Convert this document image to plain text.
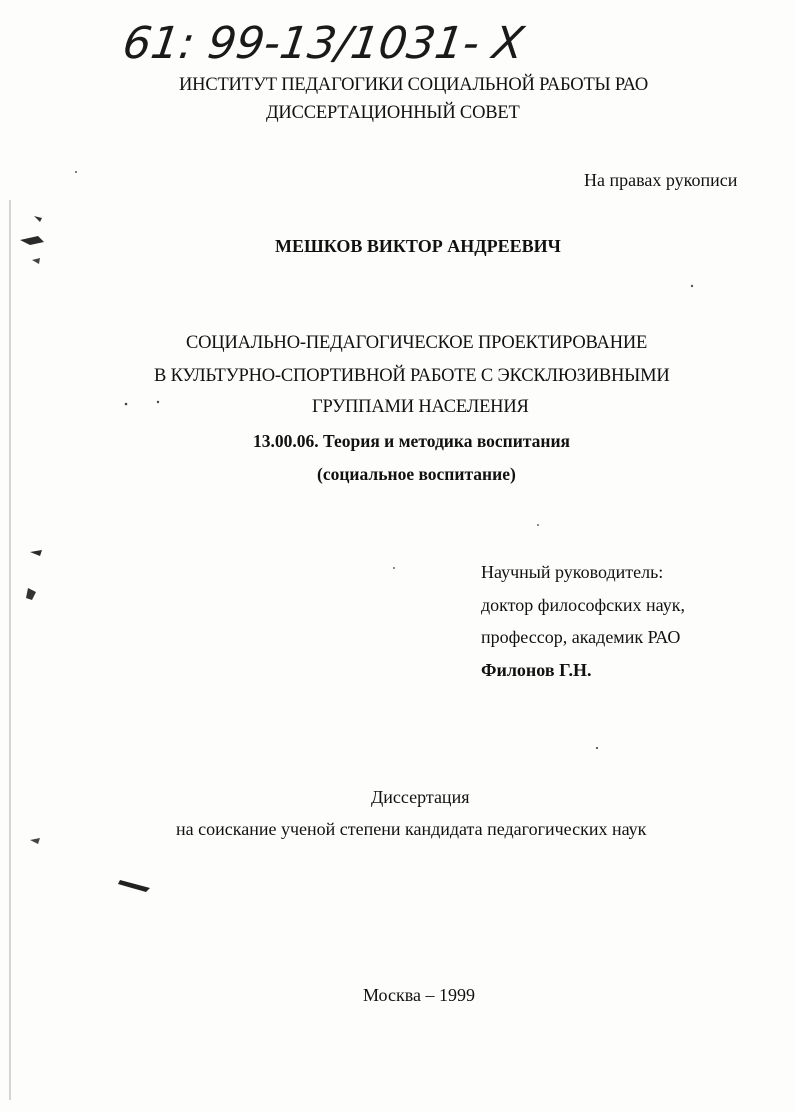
61: 99-13/1031- X
ИНСТИТУТ ПЕДАГОГИКИ СОЦИАЛЬНОЙ РАБОТЫ РАО
ДИССЕРТАЦИОННЫЙ СОВЕТ
На правах рукописи
МЕШКОВ ВИКТОР АНДРЕЕВИЧ
СОЦИАЛЬНО-ПЕДАГОГИЧЕСКОЕ ПРОЕКТИРОВАНИЕ
В КУЛЬТУРНО-СПОРТИВНОЙ РАБОТЕ С ЭКСКЛЮЗИВНЫМИ
ГРУППАМИ НАСЕЛЕНИЯ
13.00.06. Теория и методика воспитания
(социальное воспитание)
Научный руководитель:
доктор философских наук,
профессор, академик РАО
Филонов Г.Н.
Диссертация
на соискание ученой степени кандидата педагогических наук
Москва – 1999
